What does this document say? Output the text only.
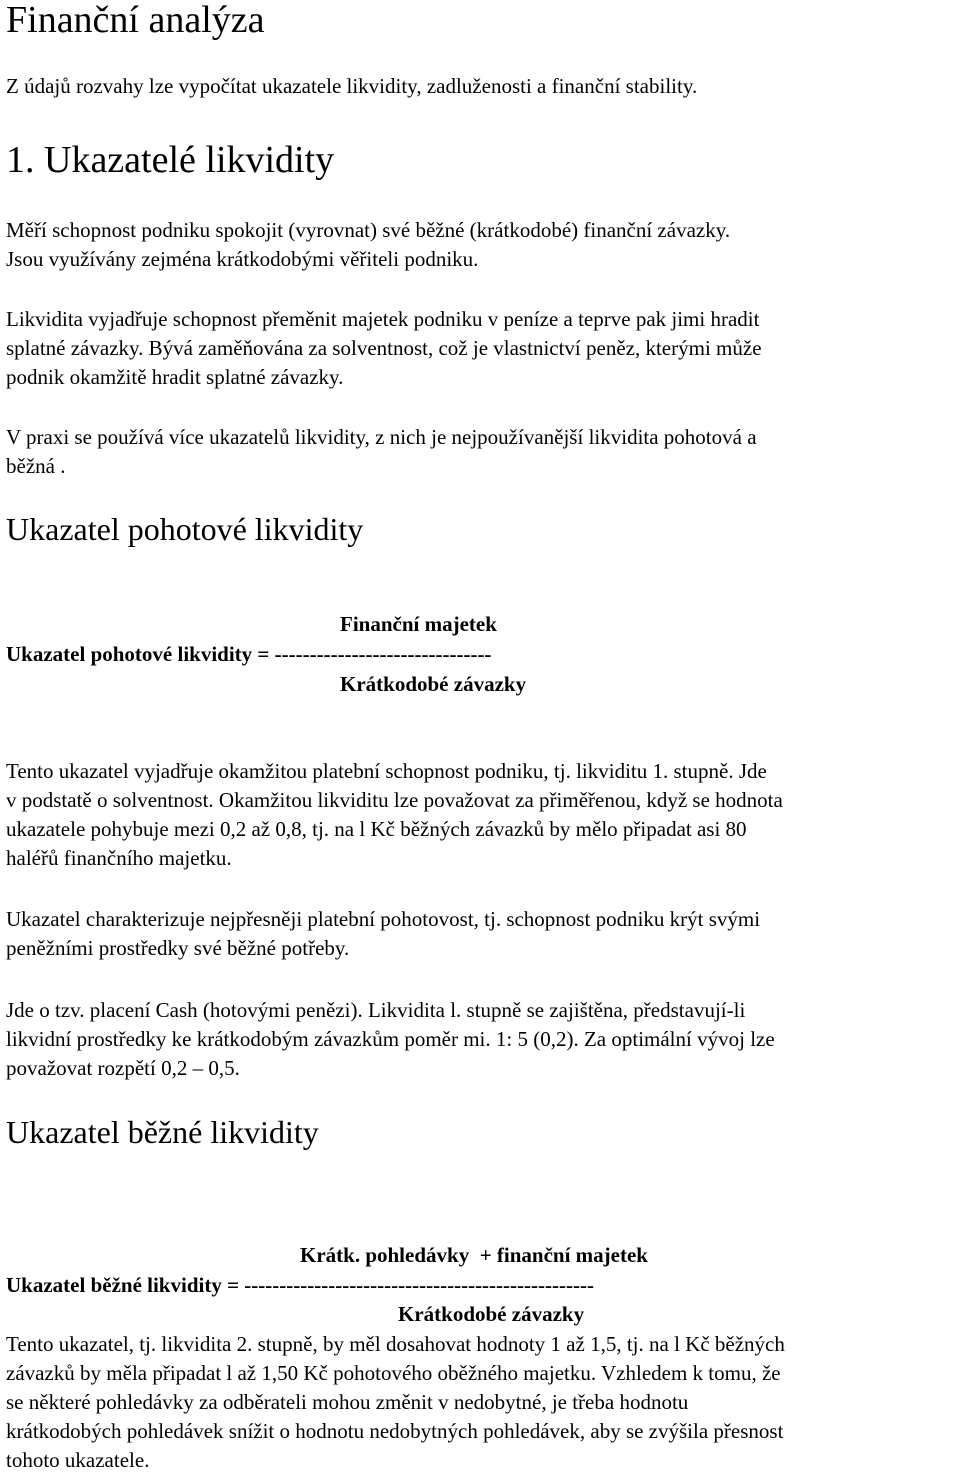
Finanční analýza

Z údajů rozvahy lze vypočítat ukazatele likvidity, zadluženosti a finanční stability.

1. Ukazatelé likvidity

Měří schopnost podniku spokojit (vyrovnat) své běžné (krátkodobé) finanční závazky.

Jsou využívány zejména krátkodobými věřiteli podniku.

Likvidita vyjadřuje schopnost přeměnit majetek podniku v peníze a teprve pak jimi hradit

splatné závazky. Bývá zaměňována za solventnost, což je vlastnictví peněz, kterými může

podnik okamžitě hradit splatné závazky.

V praxi se používá více ukazatelů likvidity, z nich je nejpoužívanější likvidita pohotová a

běžná .

Ukazatel pohotové likvidity

Finanční majetek

Ukazatel pohotové likvidity = -------------------------------

Krátkodobé závazky

Tento ukazatel vyjadřuje okamžitou platební schopnost podniku, tj. likviditu 1. stupně. Jde

v podstatě o solventnost. Okamžitou likviditu lze považovat za přiměřenou, když se hodnota

ukazatele pohybuje mezi 0,2 až 0,8, tj. na l Kč běžných závazků by mělo připadat asi 80

haléřů finančního majetku.

Ukazatel charakterizuje nejpřesněji platební pohotovost, tj. schopnost podniku krýt svými

peněžními prostředky své běžné potřeby.

Jde o tzv. placení Cash (hotovými penězi). Likvidita l. stupně se zajištěna, představují-li

likvidní prostředky ke krátkodobým závazkům poměr mi. 1: 5 (0,2). Za optimální vývoj lze

považovat rozpětí 0,2 – 0,5.

Ukazatel běžné likvidity

Krátk. pohledávky  + finanční majetek

Ukazatel běžné likvidity = --------------------------------------------------

Krátkodobé závazky

Tento ukazatel, tj. likvidita 2. stupně, by měl dosahovat hodnoty 1 až 1,5, tj. na l Kč běžných

závazků by měla připadat l až 1,50 Kč pohotového oběžného majetku. Vzhledem k tomu, že

se některé pohledávky za odběrateli mohou změnit v nedobytné, je třeba hodnotu

krátkodobých pohledávek snížit o hodnotu nedobytných pohledávek, aby se zvýšila přesnost

tohoto ukazatele.
